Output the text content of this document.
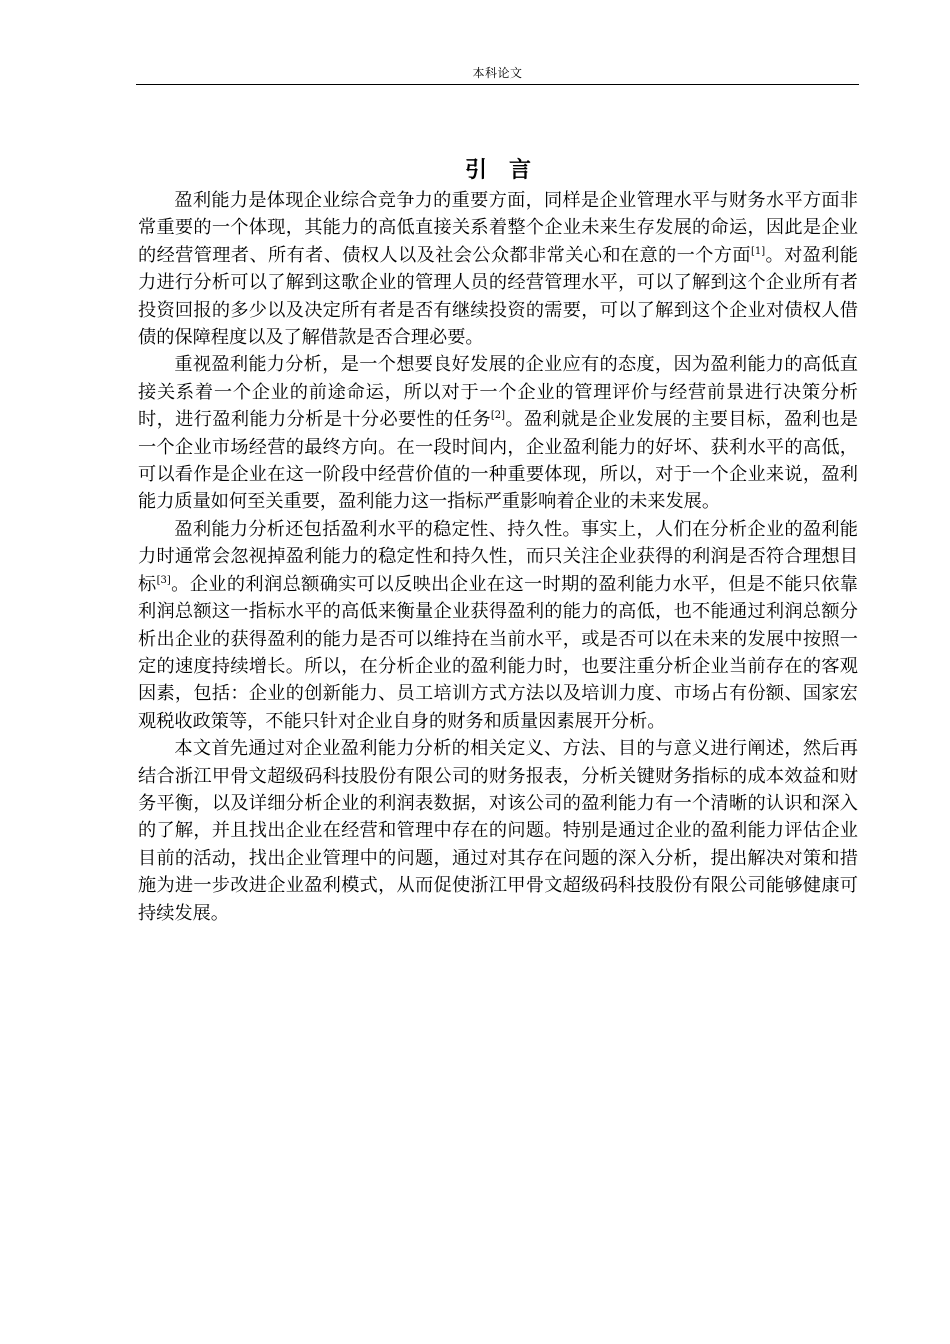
本科论文
引言

盈利能力是体现企业综合竞争力的重要方面，同样是企业管理水平与财务水平方面非常重要的一个体现，其能力的高低直接关系着整个企业未来生存发展的命运，因此是企业的经营管理者、所有者、债权人以及社会公众都非常关心和在意的一个方面[1]。对盈利能力进行分析可以了解到这歌企业的管理人员的经营管理水平，可以了解到这个企业所有者投资回报的多少以及决定所有者是否有继续投资的需要，可以了解到这个企业对债权人借债的保障程度以及了解借款是否合理必要。

重视盈利能力分析，是一个想要良好发展的企业应有的态度，因为盈利能力的高低直接关系着一个企业的前途命运，所以对于一个企业的管理评价与经营前景进行决策分析时，进行盈利能力分析是十分必要性的任务[2]。盈利就是企业发展的主要目标，盈利也是一个企业市场经营的最终方向。在一段时间内，企业盈利能力的好坏、获利水平的高低，可以看作是企业在这一阶段中经营价值的一种重要体现，所以，对于一个企业来说，盈利能力质量如何至关重要，盈利能力这一指标严重影响着企业的未来发展。

盈利能力分析还包括盈利水平的稳定性、持久性。事实上，人们在分析企业的盈利能力时通常会忽视掉盈利能力的稳定性和持久性，而只关注企业获得的利润是否符合理想目标[3]。企业的利润总额确实可以反映出企业在这一时期的盈利能力水平，但是不能只依靠利润总额这一指标水平的高低来衡量企业获得盈利的能力的高低，也不能通过利润总额分析出企业的获得盈利的能力是否可以维持在当前水平，或是否可以在未来的发展中按照一定的速度持续增长。所以，在分析企业的盈利能力时，也要注重分析企业当前存在的客观因素，包括：企业的创新能力、员工培训方式方法以及培训力度、市场占有份额、国家宏观税收政策等，不能只针对企业自身的财务和质量因素展开分析。

本文首先通过对企业盈利能力分析的相关定义、方法、目的与意义进行阐述，然后再结合浙江甲骨文超级码科技股份有限公司的财务报表，分析关键财务指标的成本效益和财务平衡，以及详细分析企业的利润表数据，对该公司的盈利能力有一个清晰的认识和深入的了解，并且找出企业在经营和管理中存在的问题。特别是通过企业的盈利能力评估企业目前的活动，找出企业管理中的问题，通过对其存在问题的深入分析，提出解决对策和措施为进一步改进企业盈利模式，从而促使浙江甲骨文超级码科技股份有限公司能够健康可持续发展。
